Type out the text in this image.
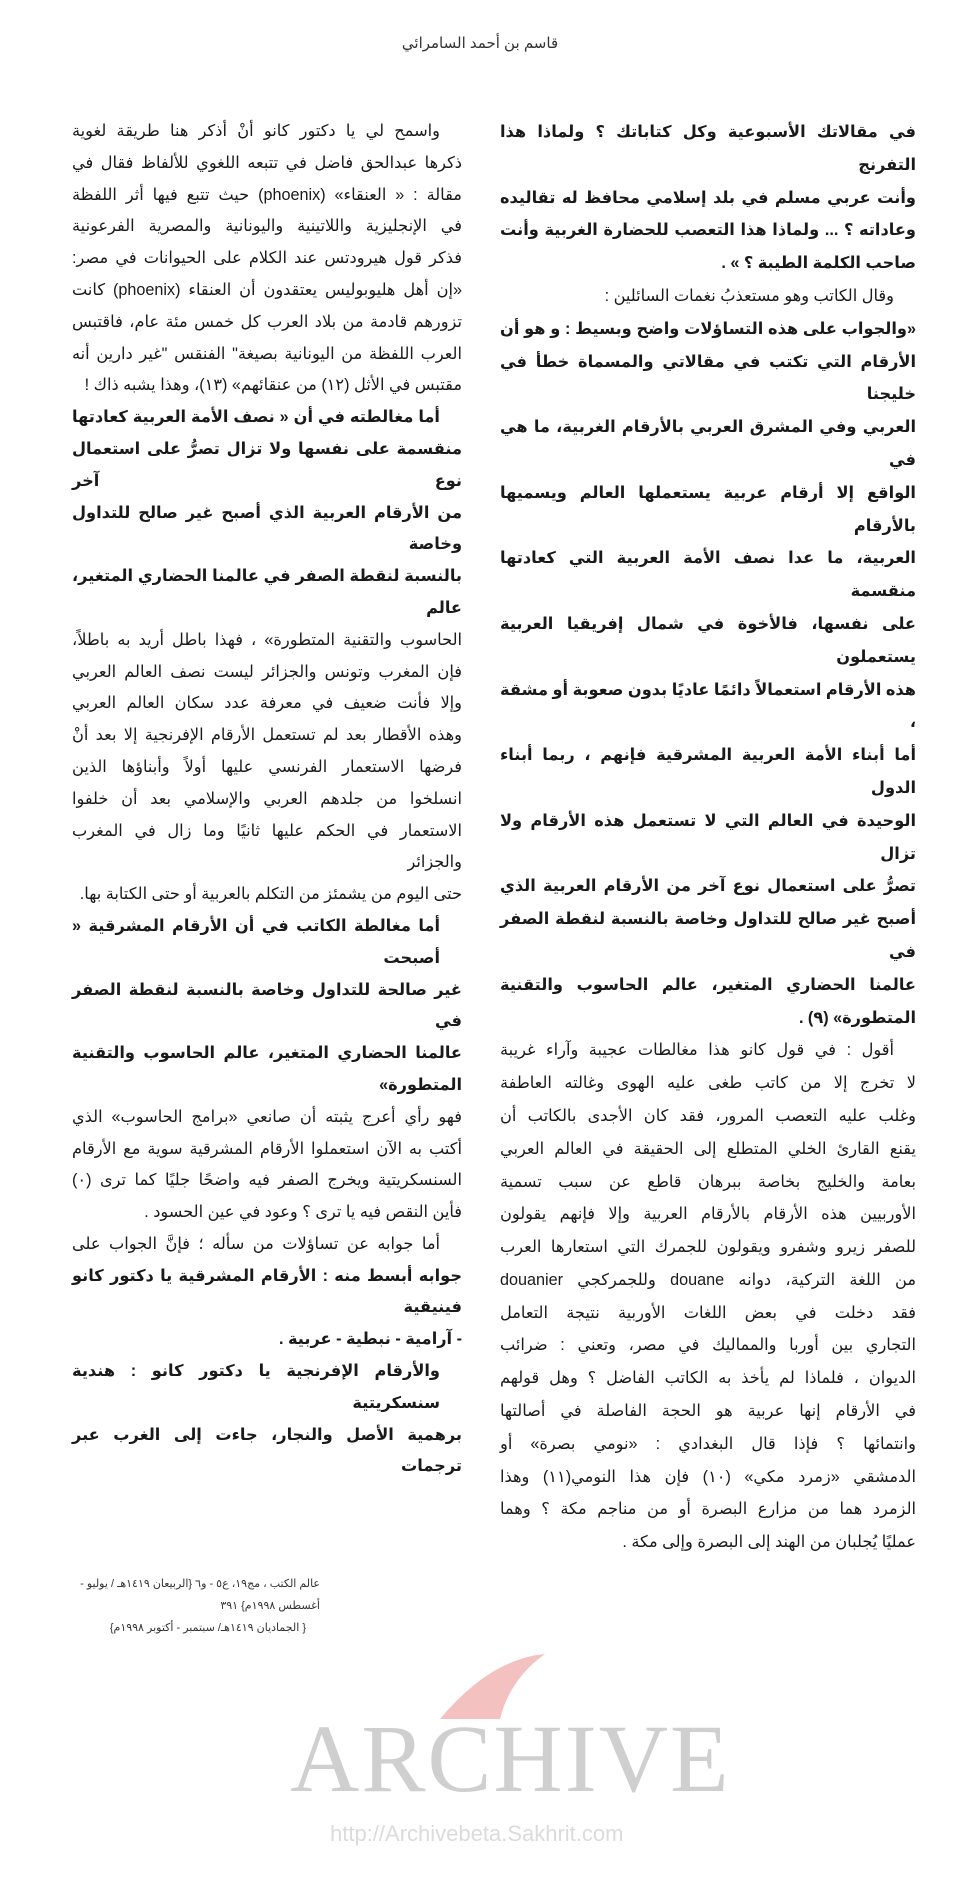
قاسم بن أحمد السامرائي
في مقالاتك الأسبوعية وكل كتاباتك ؟ ولماذا هذا التفرنج
وأنت عربي مسلم في بلد إسلامي محافظ له تقاليده
وعاداته ؟ ... ولماذا هذا التعصب للحضارة الغربية وأنت
صاحب الكلمة الطيبة ؟ » .
وقال الكاتب وهو مستعذبُ نغمات السائلين :
«والجواب على هذه التساؤلات واضح وبسيط : و هو أن
الأرقام التي تكتب في مقالاتي والمسماة خطأ في خليجنا
العربي وفي المشرق العربي بالأرقام الغربية، ما هي في
الواقع إلا أرقام عربية يستعملها العالم ويسميها بالأرقام
العربية، ما عدا نصف الأمة العربية التي كعادتها منقسمة
على نفسها، فالأخوة في شمال إفريقيا العربية يستعملون
هذه الأرقام استعمالاً دائمًا عاديًا بدون صعوبة أو مشقة ،
أما أبناء الأمة العربية المشرقية فإنهم ، ربما أبناء الدول
الوحيدة في العالم التي لا تستعمل هذه الأرقام ولا تزال
تصرُّ على استعمال نوع آخر من الأرقام العربية الذي
أصبح غير صالح للتداول وخاصة بالنسبة لنقطة الصفر في
عالمنا الحضاري المتغير، عالم الحاسوب والتقنية المتطورة» (٩) .
أقول : في قول كانو هذا مغالطات عجيبة وآراء غريبة
لا تخرج إلا من كاتب طغى عليه الهوى وغالته العاطفة
وغلب عليه التعصب المرور، فقد كان الأجدى بالكاتب أن
يقنع القارئ الخلي المتطلع إلى الحقيقة في العالم العربي
بعامة والخليج بخاصة ببرهان قاطع عن سبب تسمية
الأوربيين هذه الأرقام بالأرقام العربية وإلا فإنهم يقولون
للصفر زيرو وشفرو ويقولون للجمرك التي استعارها العرب
من اللغة التركية، دوانه douane وللجمركجي douanier
فقد دخلت في بعض اللغات الأوربية نتيجة التعامل
التجاري بين أوربا والمماليك في مصر، وتعني : ضرائب
الديوان ، فلماذا لم يأخذ به الكاتب الفاضل ؟ وهل قولهم
في الأرقام إنها عربية هو الحجة الفاصلة في أصالتها
وانتمائها ؟ فإذا قال البغدادي : «نومي بصرة» أو
الدمشقي «زمرد مكي» (١٠) فإن هذا النومي(١١) وهذا
الزمرد هما من مزارع البصرة أو من مناجم مكة ؟ وهما
عمليًا يُجلبان من الهند إلى البصرة وإلى مكة .
واسمح لي يا دكتور كانو أنْ أذكر هنا طريقة لغوية
ذكرها عبدالحق فاضل في تتبعه اللغوي للألفاظ فقال في
مقالة : « العنقاء» (phoenix) حيث تتبع فيها أثر اللفظة
في الإنجليزية واللاتينية واليونانية والمصرية الفرعونية
فذكر قول هيرودتس عند الكلام على الحيوانات في مصر:
«إن أهل هليوبوليس يعتقدون أن العنقاء (phoenix) كانت
تزورهم قادمة من بلاد العرب كل خمس مئة عام، فاقتبس
العرب اللفظة من اليونانية بصيغة" الفنقس "غير دارين أنه
مقتبس في الأثل (١٢) من عنقائهم» (١٣)، وهذا يشبه ذاك !
أما مغالطته في أن « نصف الأمة العربية كعادتها
منقسمة على نفسها ولا تزال تصرُّ على استعمال نوع آخر
من الأرقام العربية الذي أصبح غير صالح للتداول وخاصة
بالنسبة لنقطة الصفر في عالمنا الحضاري المتغير، عالم
الحاسوب والتقنية المتطورة» ، فهذا باطل أريد به باطلاً،
فإن المغرب وتونس والجزائر ليست نصف العالم العربي
وإلا فأنت ضعيف في معرفة عدد سكان العالم العربي
وهذه الأقطار بعد لم تستعمل الأرقام الإفرنجية إلا بعد أنْ
فرضها الاستعمار الفرنسي عليها أولاً وأبناؤها الذين
انسلخوا من جلدهم العربي والإسلامي بعد أن خلفوا
الاستعمار في الحكم عليها ثانيًا وما زال في المغرب والجزائر
حتى اليوم من يشمئز من التكلم بالعربية أو حتى الكتابة بها.
أما مغالطة الكاتب في أن الأرقام المشرقية « أصبحت
غير صالحة للتداول وخاصة بالنسبة لنقطة الصفر في
عالمنا الحضاري المتغير، عالم الحاسوب والتقنية المتطورة»
فهو رأي أعرج يثبته أن صانعي «برامج الحاسوب» الذي
أكتب به الآن استعملوا الأرقام المشرقية سوية مع الأرقام
السنسكريتية ويخرج الصفر فيه واضحًا جليًا كما ترى (٠)
فأين النقص فيه يا ترى ؟ وعود في عين الحسود .
أما جوابه عن تساؤلات من سأله ؛ فإنَّ الجواب على
جوابه أبسط منه : الأرقام المشرقية يا دكتور كانو فينيقية
- آرامية - نبطية - عربية .
والأرقام الإفرنجية يا دكتور كانو : هندية سنسكريتية
برهمية الأصل والنجار، جاءت إلى الغرب عبر ترجمات
عالم الكتب ، مج١٩، ع٥ - و٦ {الربيعان ١٤١٩هـ / يوليو - أغسطس ١٩٩٨م} ٣٩١
{ الجماديان ١٤١٩هـ/ سبتمبر - أكتوبر ١٩٩٨م}
ARCHIVE
http://Archivebeta.Sakhrit.com
